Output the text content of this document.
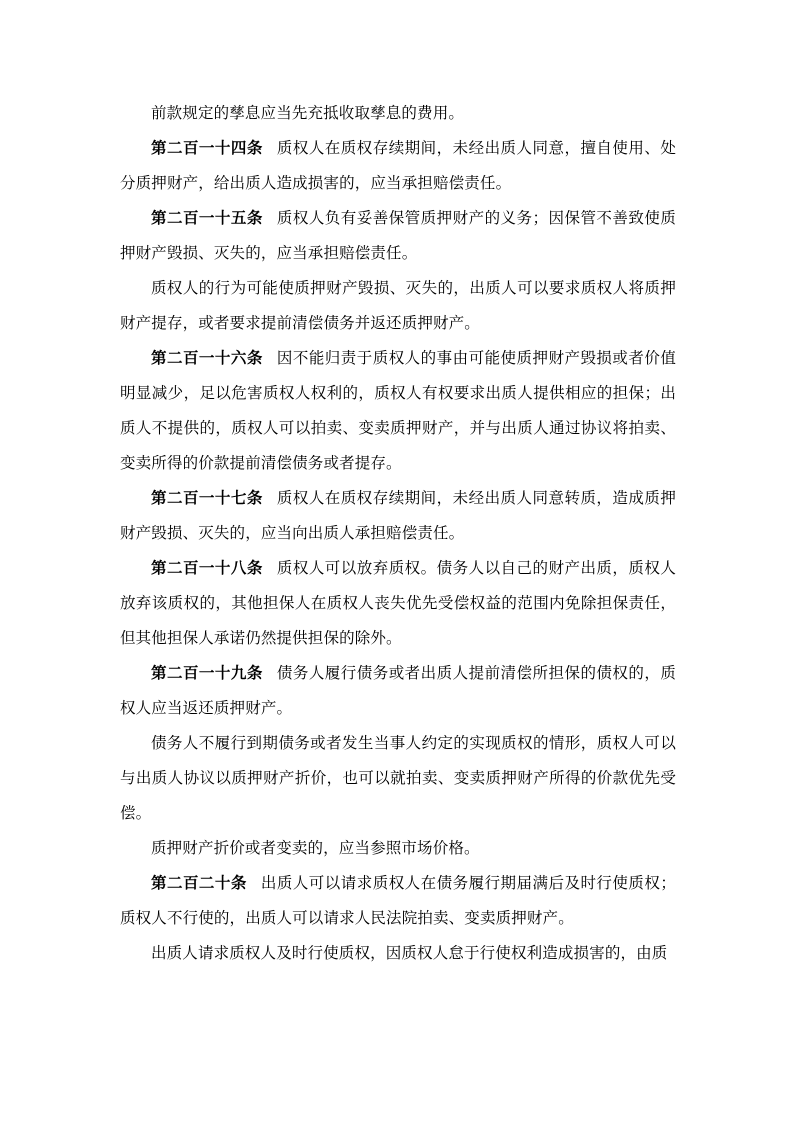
前款规定的孳息应当先充抵收取孳息的费用。

第二百一十四条 质权人在质权存续期间，未经出质人同意，擅自使用、处分质押财产，给出质人造成损害的，应当承担赔偿责任。

第二百一十五条 质权人负有妥善保管质押财产的义务；因保管不善致使质押财产毁损、灭失的，应当承担赔偿责任。

质权人的行为可能使质押财产毁损、灭失的，出质人可以要求质权人将质押财产提存，或者要求提前清偿债务并返还质押财产。

第二百一十六条 因不能归责于质权人的事由可能使质押财产毁损或者价值明显减少，足以危害质权人权利的，质权人有权要求出质人提供相应的担保；出质人不提供的，质权人可以拍卖、变卖质押财产，并与出质人通过协议将拍卖、变卖所得的价款提前清偿债务或者提存。

第二百一十七条 质权人在质权存续期间，未经出质人同意转质，造成质押财产毁损、灭失的，应当向出质人承担赔偿责任。

第二百一十八条 质权人可以放弃质权。债务人以自己的财产出质，质权人放弃该质权的，其他担保人在质权人丧失优先受偿权益的范围内免除担保责任，但其他担保人承诺仍然提供担保的除外。

第二百一十九条 债务人履行债务或者出质人提前清偿所担保的债权的，质权人应当返还质押财产。

债务人不履行到期债务或者发生当事人约定的实现质权的情形，质权人可以与出质人协议以质押财产折价，也可以就拍卖、变卖质押财产所得的价款优先受偿。

质押财产折价或者变卖的，应当参照市场价格。

第二百二十条 出质人可以请求质权人在债务履行期届满后及时行使质权；质权人不行使的，出质人可以请求人民法院拍卖、变卖质押财产。

出质人请求质权人及时行使质权，因质权人怠于行使权利造成损害的，由质
